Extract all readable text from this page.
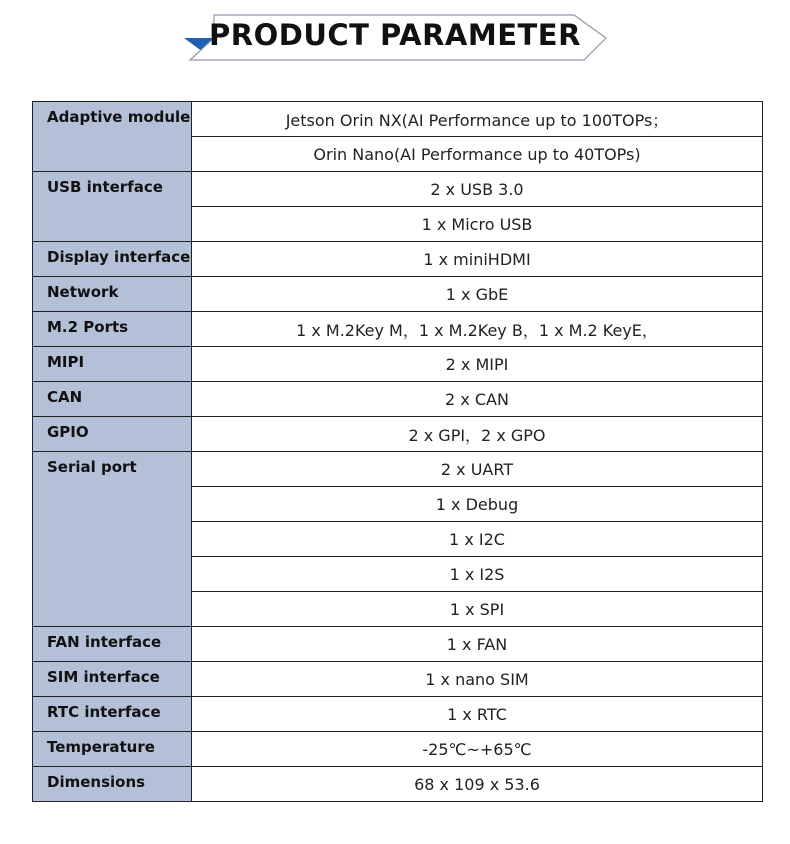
PRODUCT PARAMETER
Adaptive module	Jetson Orin NX(AI Performance up to 100TOPs；
	Orin Nano(AI Performance up to 40TOPs)
USB interface	2 x USB 3.0
	1 x Micro USB
Display interface	1 x miniHDMI
Network	1 x GbE
M.2 Ports	1 x M.2Key M，1 x M.2Key B，1 x M.2 KeyE，
MIPI	2 x MIPI
CAN	2 x CAN
GPIO	2 x GPI，2 x GPO
Serial port	2 x UART
	1 x Debug
	1 x I2C
	1 x I2S
	1 x SPI
FAN interface	1 x FAN
SIM interface	1 x nano SIM
RTC interface	1 x RTC
Temperature	-25℃~+65℃
Dimensions	68 x 109 x 53.6
